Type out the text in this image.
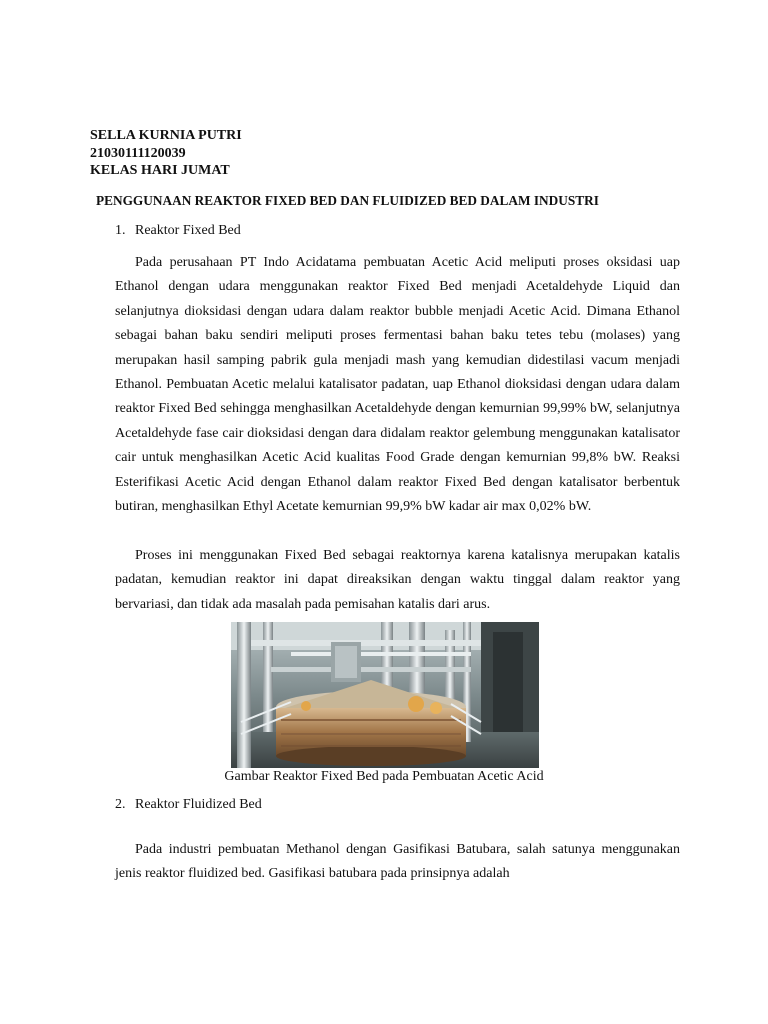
SELLA KURNIA PUTRI
21030111120039
KELAS HARI JUMAT
PENGGUNAAN REAKTOR FIXED BED DAN FLUIDIZED BED DALAM INDUSTRI
1. Reaktor Fixed Bed
Pada perusahaan PT Indo Acidatama pembuatan Acetic Acid meliputi proses oksidasi uap Ethanol dengan udara menggunakan reaktor Fixed Bed menjadi Acetaldehyde Liquid dan selanjutnya dioksidasi dengan udara dalam reaktor bubble menjadi Acetic Acid. Dimana Ethanol sebagai bahan baku sendiri meliputi proses fermentasi bahan baku tetes tebu (molases) yang merupakan hasil samping pabrik gula menjadi mash yang kemudian didestilasi vacum menjadi Ethanol. Pembuatan Acetic melalui katalisator padatan, uap Ethanol dioksidasi dengan udara dalam reaktor Fixed Bed sehingga menghasilkan Acetaldehyde dengan kemurnian 99,99% bW, selanjutnya Acetaldehyde fase cair dioksidasi dengan dara didalam reaktor gelembung menggunakan katalisator cair untuk menghasilkan Acetic Acid kualitas Food Grade dengan kemurnian 99,8% bW. Reaksi Esterifikasi Acetic Acid dengan Ethanol dalam reaktor Fixed Bed dengan katalisator berbentuk butiran, menghasilkan Ethyl Acetate kemurnian 99,9% bW kadar air max 0,02% bW.
Proses ini menggunakan Fixed Bed sebagai reaktornya karena katalisnya merupakan katalis padatan, kemudian reaktor ini dapat direaksikan dengan waktu tinggal dalam reaktor yang bervariasi, dan tidak ada masalah pada pemisahan katalis dari arus.
Gambar Reaktor Fixed Bed pada Pembuatan Acetic Acid
2. Reaktor Fluidized Bed
Pada industri pembuatan Methanol dengan Gasifikasi Batubara, salah satunya menggunakan jenis reaktor fluidized bed. Gasifikasi batubara pada prinsipnya adalah
